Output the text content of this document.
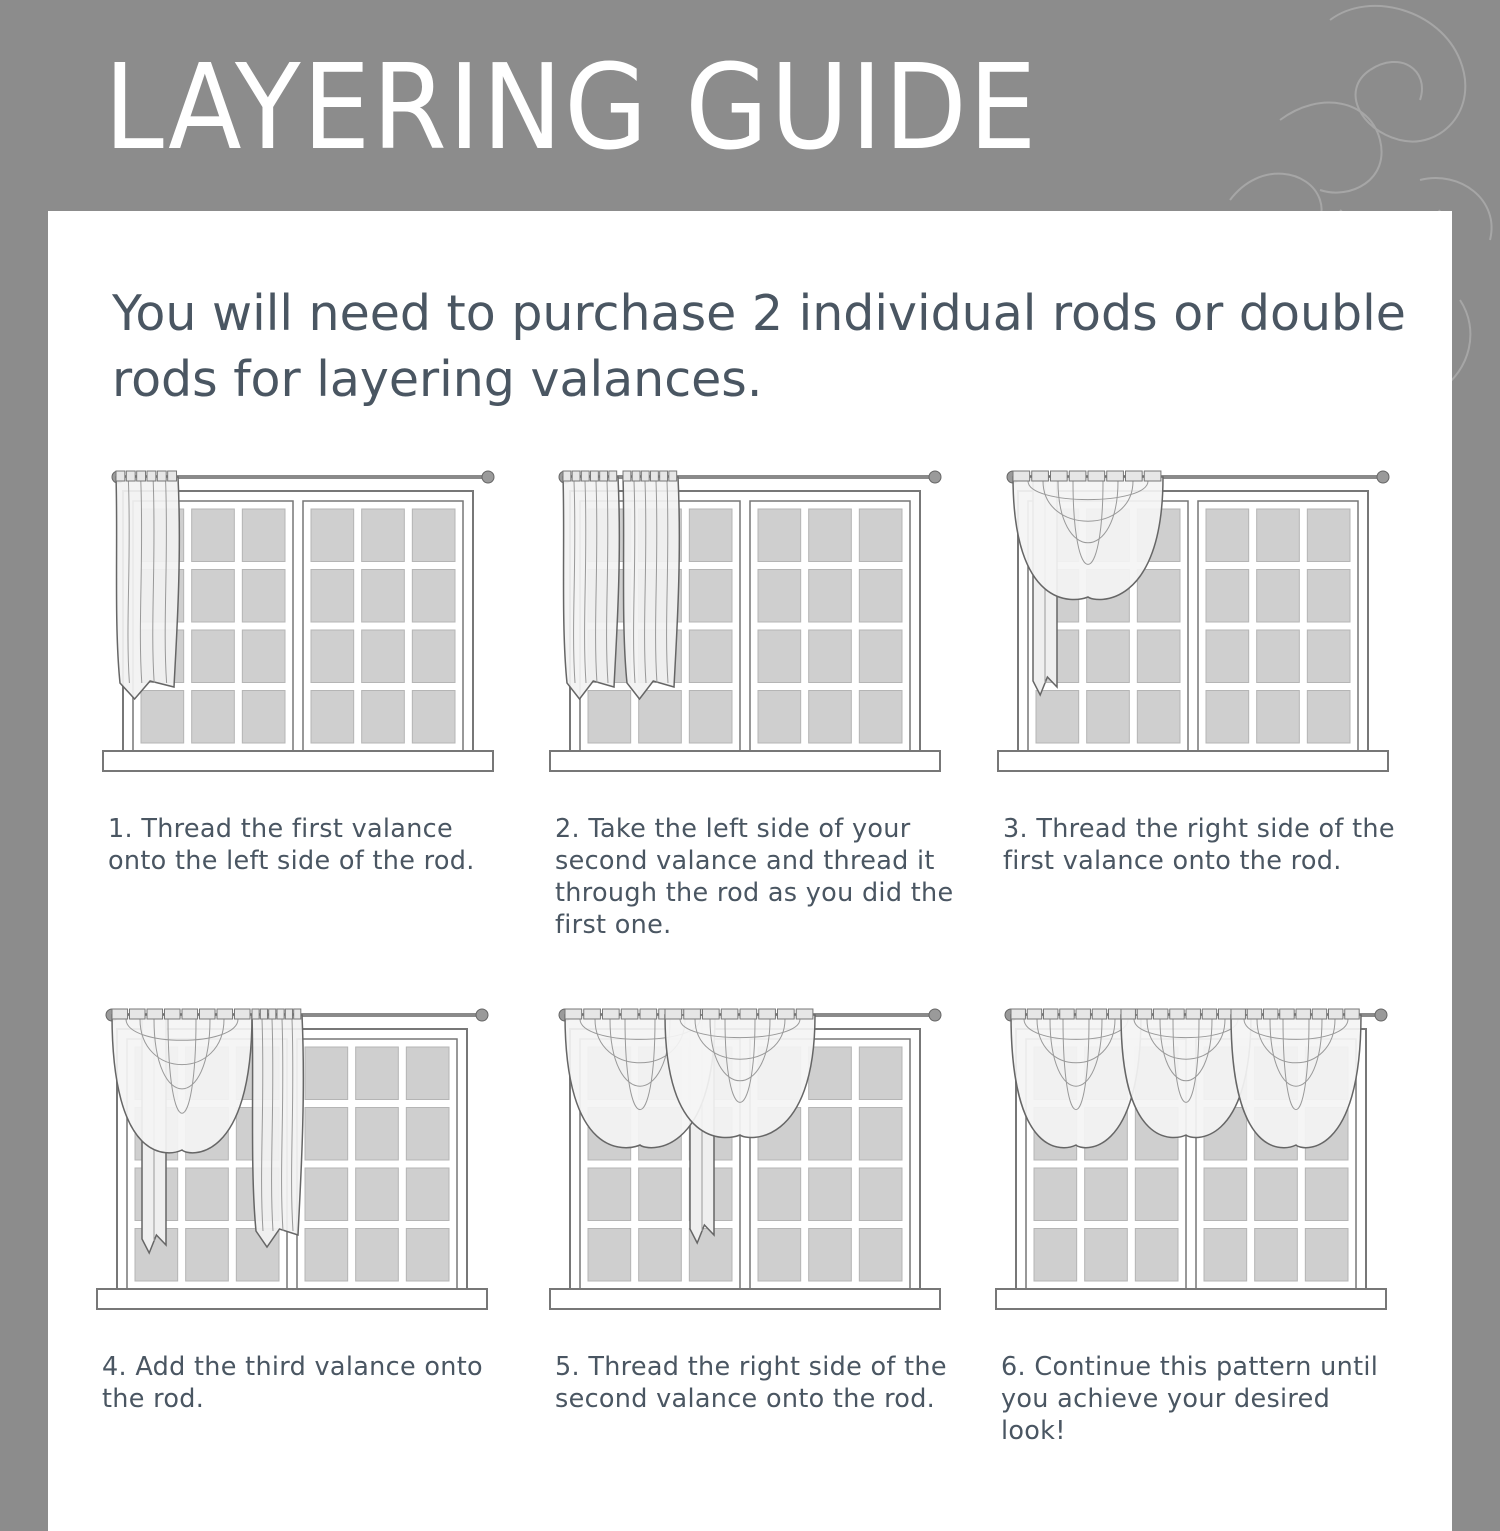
LAYERING GUIDE

You will need to purchase 2 individual rods or double rods for layering valances.

1. Thread the first valance onto the left side of the rod.
2. Take the left side of your second valance and thread it through the rod as you did the first one.
3. Thread the right side of the first valance onto the rod.
4. Add the third valance onto the rod.
5. Thread the right side of the second valance onto the rod.
6. Continue this pattern until you achieve your desired look!
